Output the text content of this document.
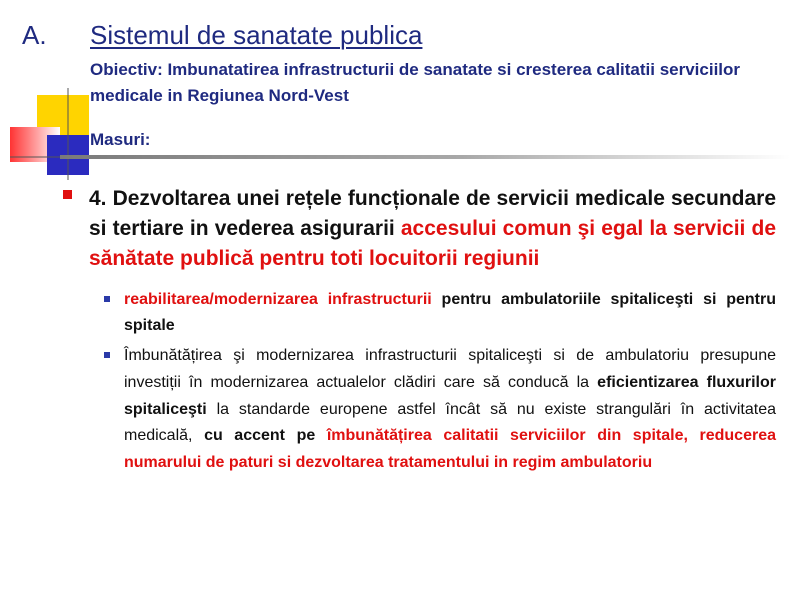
A. Sistemul de sanatate publica
Obiectiv: Imbunatatirea infrastructurii de sanatate si cresterea calitatii serviciilor medicale in Regiunea Nord-Vest
Masuri:
4. Dezvoltarea unei rețele funcționale de servicii medicale secundare si tertiare in vederea asigurarii accesului comun şi egal la servicii de sănătate publică pentru toti locuitorii regiunii
reabilitarea/modernizarea infrastructurii pentru ambulatoriile spitaliceşti si pentru spitale
Îmbunătățirea şi modernizarea infrastructurii spitaliceşti si de ambulatoriu presupune investiții în modernizarea actualelor clădiri care să conducă la eficientizarea fluxurilor spitaliceşti la standarde europene astfel încât să nu existe strangulări în activitatea medicală, cu accent pe îmbunătățirea calitatii serviciilor din spitale, reducerea numarului de paturi si dezvoltarea tratamentului in regim ambulatoriu
